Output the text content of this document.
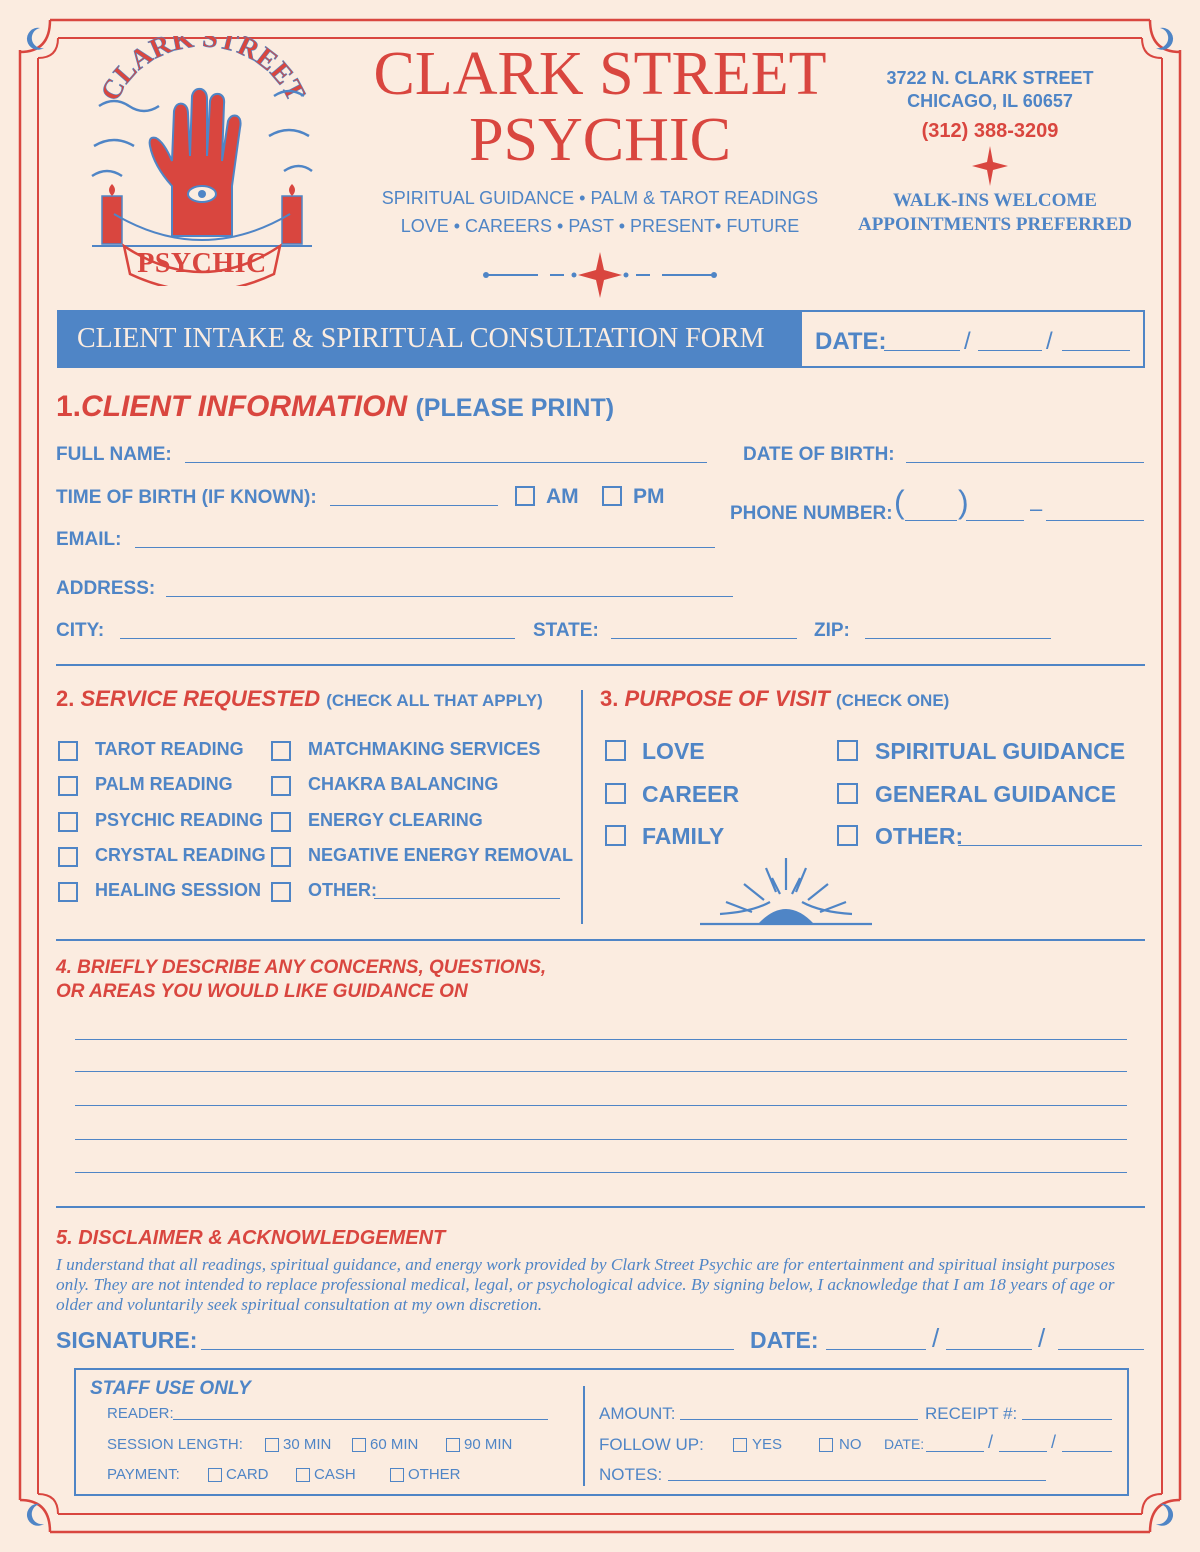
CLARK STREET
PSYCHIC
CLARK STREET
PSYCHIC
SPIRITUAL GUIDANCE • PALM & TAROT READINGS
LOVE • CAREERS • PAST • PRESENT• FUTURE
3722 N. CLARK STREET
CHICAGO, IL 60657
(312) 388-3209
WALK-INS WELCOME
APPOINTMENTS PREFERRED
CLIENT INTAKE & SPIRITUAL CONSULTATION FORM	DATE:	/	/
1.CLIENT INFORMATION (PLEASE PRINT)
FULL NAME:	DATE OF BIRTH:
TIME OF BIRTH (IF KNOWN):	AM	PM
PHONE NUMBER: (      )	–
EMAIL:
ADDRESS:
CITY:	STATE:	ZIP:
2. SERVICE REQUESTED (CHECK ALL THAT APPLY)
TAROT READING
PALM READING
PSYCHIC READING
CRYSTAL READING
HEALING SESSION
MATCHMAKING SERVICES
CHAKRA BALANCING
ENERGY CLEARING
NEGATIVE ENERGY REMOVAL
OTHER:
3. PURPOSE OF VISIT (CHECK ONE)
LOVE
CAREER
FAMILY
SPIRITUAL GUIDANCE
GENERAL GUIDANCE
OTHER:
4. BRIEFLY DESCRIBE ANY CONCERNS, QUESTIONS,
OR AREAS YOU WOULD LIKE GUIDANCE ON
5. DISCLAIMER & ACKNOWLEDGEMENT
I understand that all readings, spiritual guidance, and energy work provided by Clark Street Psychic are for entertainment and spiritual insight purposes only. They are not intended to replace professional medical, legal, or psychological advice. By signing below, I acknowledge that I am 18 years of age or older and voluntarily seek spiritual consultation at my own discretion.
SIGNATURE:	DATE:	/	/
STAFF USE ONLY
READER:
SESSION LENGTH:	30 MIN	60 MIN	90 MIN
PAYMENT:	CARD	CASH	OTHER
AMOUNT:	RECEIPT #:
FOLLOW UP:	YES	NO DATE:	/	/
NOTES:
